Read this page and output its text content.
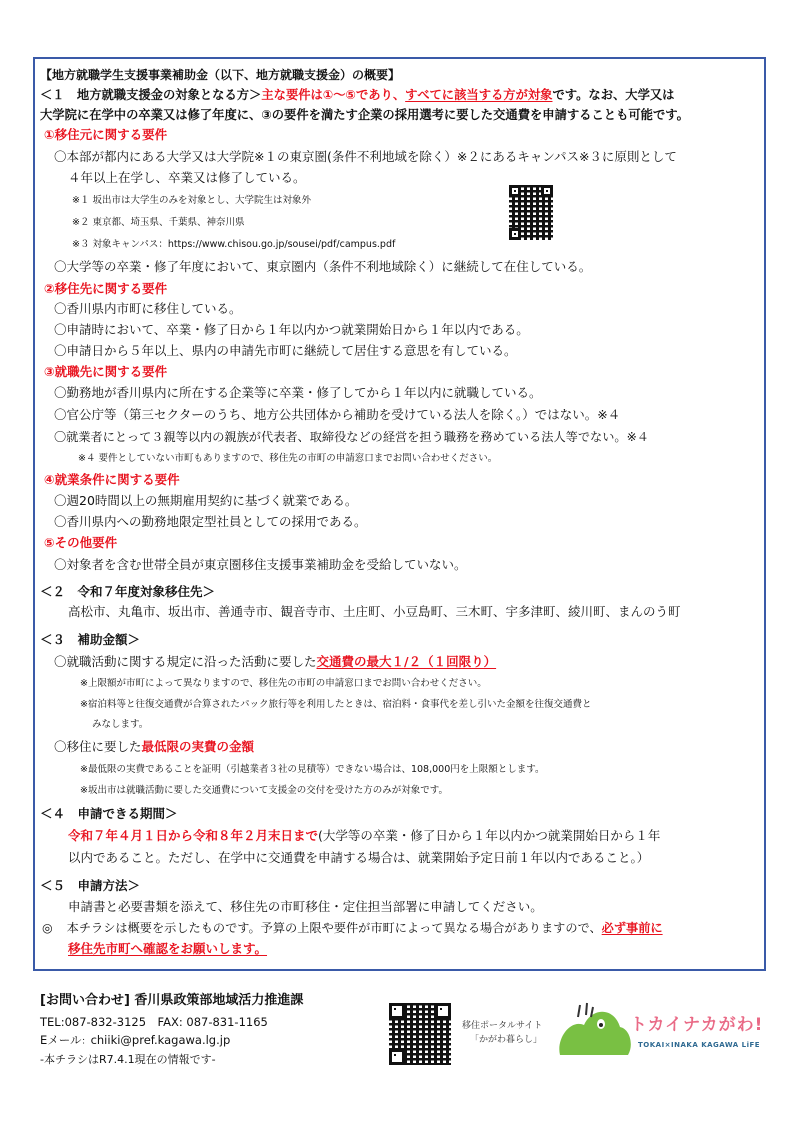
【地方就職学生支援事業補助金（以下、地方就職支援金）の概要】
＜１　地方就職支援金の対象となる方＞主な要件は①～⑤であり、すべてに該当する方が対象です。なお、大学又は
大学院に在学中の卒業又は修了年度に、③の要件を満たす企業の採用選考に要した交通費を申請することも可能です。
①移住元に関する要件
〇本部が都内にある大学又は大学院※１の東京圏(条件不利地域を除く）※２にあるキャンパス※３に原則として
４年以上在学し、卒業又は修了している。
※１ 坂出市は大学生のみを対象とし、大学院生は対象外
※２ 東京都、埼玉県、千葉県、神奈川県
※３ 対象キャンパス：https://www.chisou.go.jp/sousei/pdf/campus.pdf
〇大学等の卒業・修了年度において、東京圏内（条件不利地域除く）に継続して在住している。
②移住先に関する要件
〇香川県内市町に移住している。
〇申請時において、卒業・修了日から１年以内かつ就業開始日から１年以内である。
〇申請日から５年以上、県内の申請先市町に継続して居住する意思を有している。
③就職先に関する要件
〇勤務地が香川県内に所在する企業等に卒業・修了してから１年以内に就職している。
〇官公庁等（第三セクターのうち、地方公共団体から補助を受けている法人を除く。）ではない。※４
〇就業者にとって３親等以内の親族が代表者、取締役などの経営を担う職務を務めている法人等でない。※４
※４ 要件としていない市町もありますので、移住先の市町の申請窓口までお問い合わせください。
④就業条件に関する要件
〇週20時間以上の無期雇用契約に基づく就業である。
〇香川県内への勤務地限定型社員としての採用である。
⑤その他要件
〇対象者を含む世帯全員が東京圏移住支援事業補助金を受給していない。
＜２　令和７年度対象移住先＞
高松市、丸亀市、坂出市、善通寺市、観音寺市、土庄町、小豆島町、三木町、宇多津町、綾川町、まんのう町
＜３　補助金額＞
〇就職活動に関する規定に沿った活動に要した交通費の最大１/２（１回限り）
※上限額が市町によって異なりますので、移住先の市町の申請窓口までお問い合わせください。
※宿泊料等と往復交通費が合算されたパック旅行等を利用したときは、宿泊料・食事代を差し引いた金額を往復交通費と
みなします。
〇移住に要した最低限の実費の金額
※最低限の実費であることを証明（引越業者３社の見積等）できない場合は、108,000円を上限額とします。
※坂出市は就職活動に要した交通費について支援金の交付を受けた方のみが対象です。
＜４　申請できる期間＞
令和７年４月１日から令和８年２月末日まで(大学等の卒業・修了日から１年以内かつ就業開始日から１年
以内であること。ただし、在学中に交通費を申請する場合は、就業開始予定日前１年以内であること。）
＜５　申請方法＞
申請書と必要書類を添えて、移住先の市町移住・定住担当部署に申請してください。
◎ 本チラシは概要を示したものです。予算の上限や要件が市町によって異なる場合がありますので、必ず事前に
移住先市町へ確認をお願いします。
[お問い合わせ] 香川県政策部地域活力推進課
TEL:087-832-3125　FAX: 087-831-1165
Eメール：chiiki@pref.kagawa.lg.jp
-本チラシはR7.4.1現在の情報です-
移住ポータルサイト
「かがわ暮らし」
トカイナカがわ!
TOKAI×INAKA KAGAWA LiFE
